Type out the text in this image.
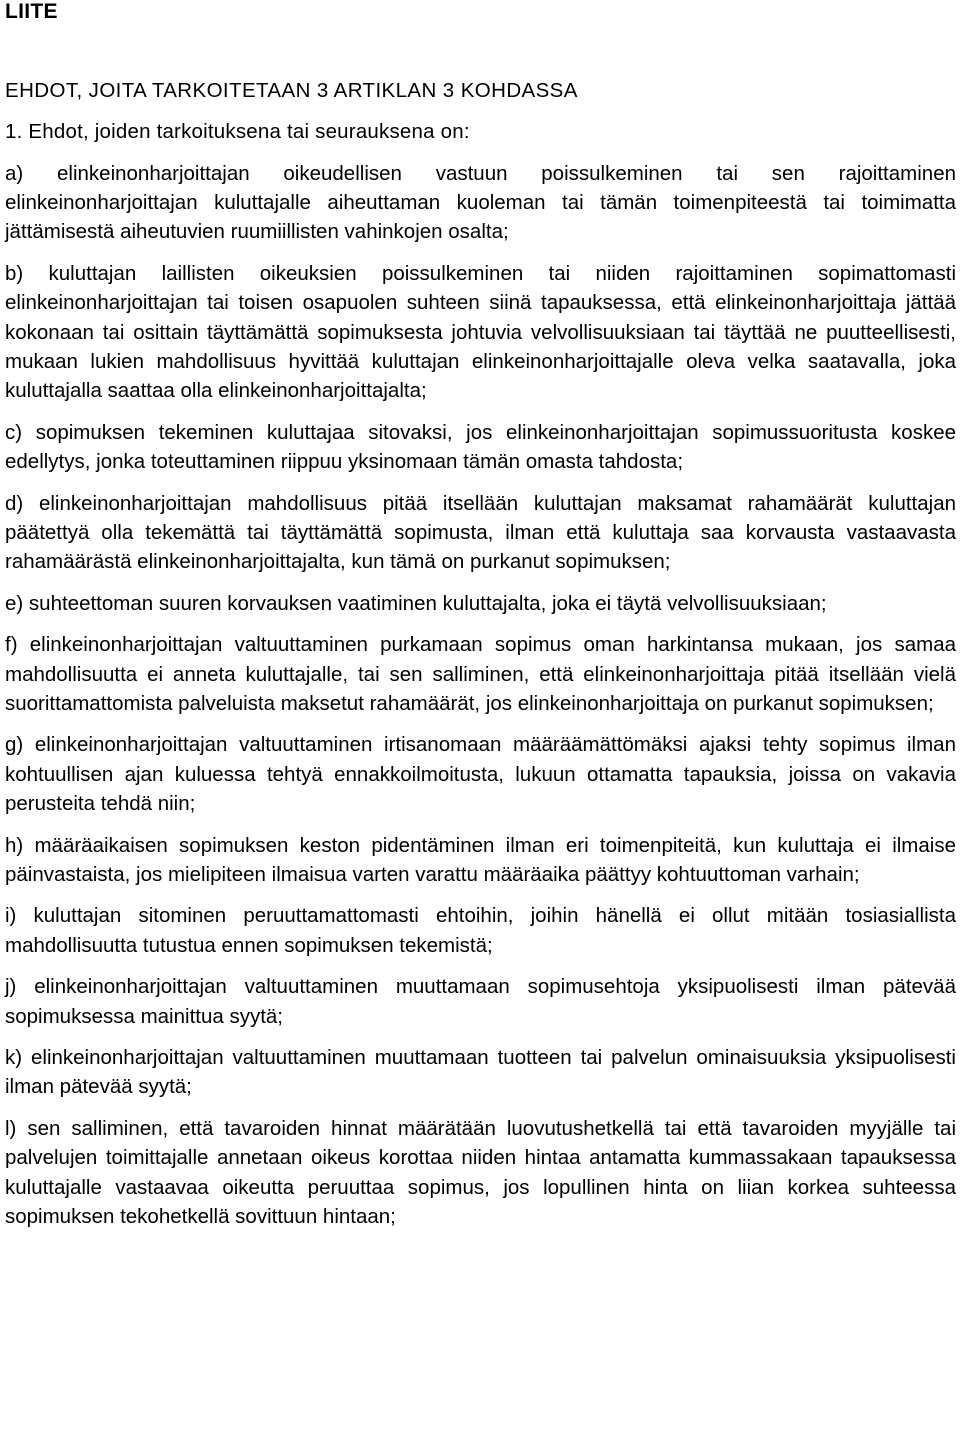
LIITE

EHDOT, JOITA TARKOITETAAN 3 ARTIKLAN 3 KOHDASSA

1. Ehdot, joiden tarkoituksena tai seurauksena on:

a) elinkeinonharjoittajan oikeudellisen vastuun poissulkeminen tai sen rajoittaminen elinkeinonharjoittajan kuluttajalle aiheuttaman kuoleman tai tämän toimenpiteestä tai toimimatta jättämisestä aiheutuvien ruumiillisten vahinkojen osalta;

b) kuluttajan laillisten oikeuksien poissulkeminen tai niiden rajoittaminen sopimattomasti elinkeinonharjoittajan tai toisen osapuolen suhteen siinä tapauksessa, että elinkeinonharjoittaja jättää kokonaan tai osittain täyttämättä sopimuksesta johtuvia velvollisuuksiaan tai täyttää ne puutteellisesti, mukaan lukien mahdollisuus hyvittää kuluttajan elinkeinonharjoittajalle oleva velka saatavalla, joka kuluttajalla saattaa olla elinkeinonharjoittajalta;

c) sopimuksen tekeminen kuluttajaa sitovaksi, jos elinkeinonharjoittajan sopimussuoritusta koskee edellytys, jonka toteuttaminen riippuu yksinomaan tämän omasta tahdosta;

d) elinkeinonharjoittajan mahdollisuus pitää itsellään kuluttajan maksamat rahamäärät kuluttajan päätettyä olla tekemättä tai täyttämättä sopimusta, ilman että kuluttaja saa korvausta vastaavasta rahamäärästä elinkeinonharjoittajalta, kun tämä on purkanut sopimuksen;

e) suhteettoman suuren korvauksen vaatiminen kuluttajalta, joka ei täytä velvollisuuksiaan;

f) elinkeinonharjoittajan valtuuttaminen purkamaan sopimus oman harkintansa mukaan, jos samaa mahdollisuutta ei anneta kuluttajalle, tai sen salliminen, että elinkeinonharjoittaja pitää itsellään vielä suorittamattomista palveluista maksetut rahamäärät, jos elinkeinonharjoittaja on purkanut sopimuksen;

g) elinkeinonharjoittajan valtuuttaminen irtisanomaan määräämättömäksi ajaksi tehty sopimus ilman kohtuullisen ajan kuluessa tehtyä ennakkoilmoitusta, lukuun ottamatta tapauksia, joissa on vakavia perusteita tehdä niin;

h) määräaikaisen sopimuksen keston pidentäminen ilman eri toimenpiteitä, kun kuluttaja ei ilmaise päinvastaista, jos mielipiteen ilmaisua varten varattu määräaika päättyy kohtuuttoman varhain;

i) kuluttajan sitominen peruuttamattomasti ehtoihin, joihin hänellä ei ollut mitään tosiasiallista mahdollisuutta tutustua ennen sopimuksen tekemistä;

j) elinkeinonharjoittajan valtuuttaminen muuttamaan sopimusehtoja yksipuolisesti ilman pätevää sopimuksessa mainittua syytä;

k) elinkeinonharjoittajan valtuuttaminen muuttamaan tuotteen tai palvelun ominaisuuksia yksipuolisesti ilman pätevää syytä;

l) sen salliminen, että tavaroiden hinnat määrätään luovutushetkellä tai että tavaroiden myyjälle tai palvelujen toimittajalle annetaan oikeus korottaa niiden hintaa antamatta kummassakaan tapauksessa kuluttajalle vastaavaa oikeutta peruuttaa sopimus, jos lopullinen hinta on liian korkea suhteessa sopimuksen tekohetkellä sovittuun hintaan;
